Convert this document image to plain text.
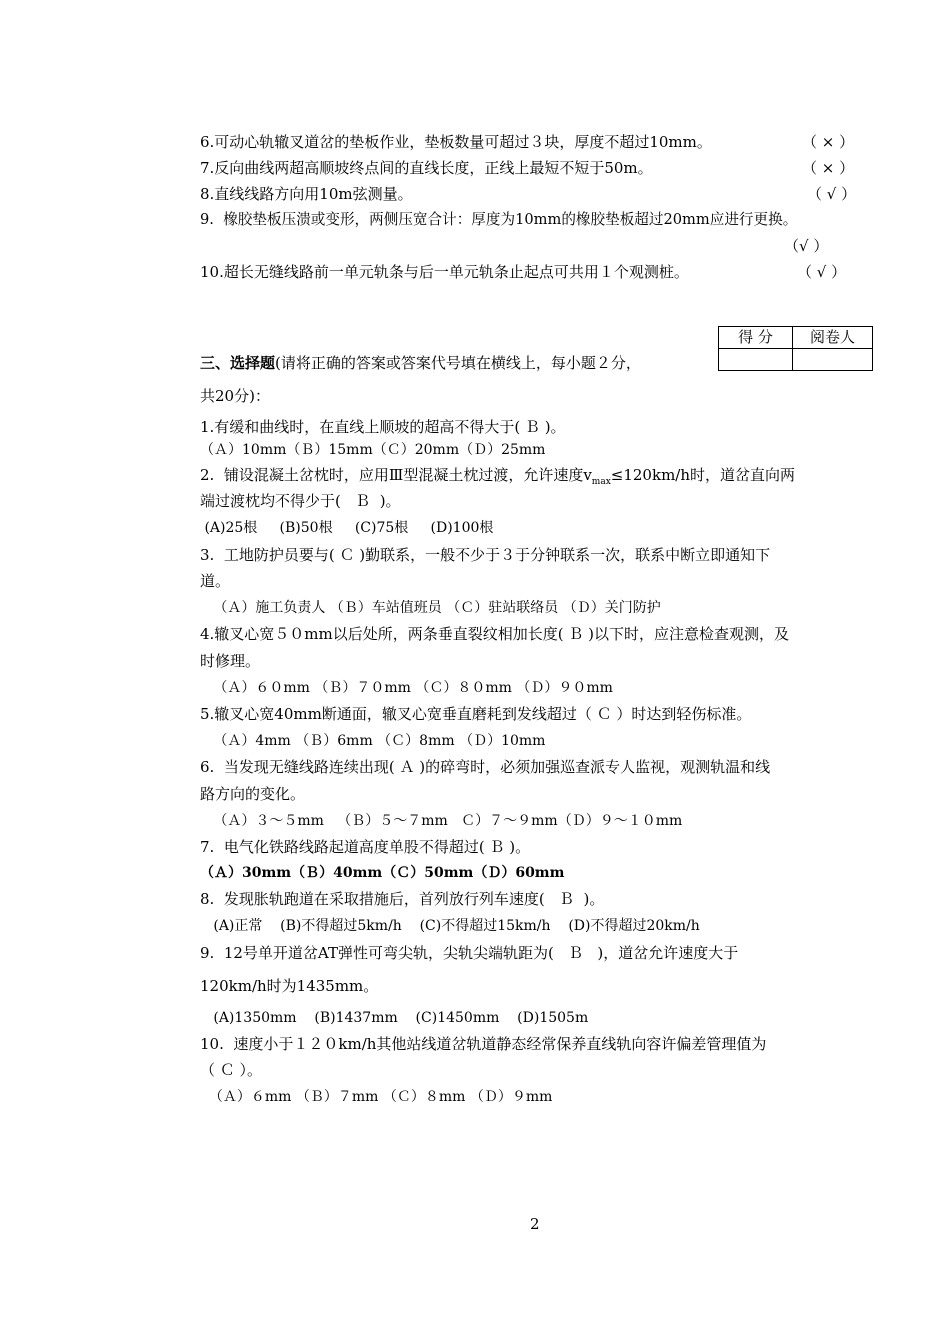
6.可动心轨辙叉道岔的垫板作业，垫板数量可超过３块，厚度不超过10mm。	（ × ）
7.反向曲线两超高顺坡终点间的直线长度，正线上最短不短于50m。	（ × ）
8.直线线路方向用10m弦测量。	（ √ ）
9.  橡胶垫板压溃或变形，两侧压宽合计：厚度为10mm的橡胶垫板超过20mm应进行更换。
（√ ）
10.超长无缝线路前一单元轨条与后一单元轨条止起点可共用１个观测桩。	（ √ ）
得 分	阅卷人

三、选择题(请将正确的答案或答案代号填在横线上，每小题２分，
共20分)：
1.有缓和曲线时，在直线上顺坡的超高不得大于( Ｂ )。
（Ａ）10mm（Ｂ）15mm（Ｃ）20mm（Ｄ）25mm
2.  铺设混凝土岔枕时，应用Ⅲ型混凝土枕过渡，允许速度$v_{max}\le 120km/h$时，道岔直向两
端过渡枕均不得少于(   Ｂ  )。
(A)25根     (B)50根     (C)75根     (D)100根
3.  工地防护员要与( Ｃ )勤联系，一般不少于３于分钟联系一次，联系中断立即通知下
道。
（Ａ）施工负责人 （Ｂ）车站值班员 （Ｃ）驻站联络员 （Ｄ）关门防护
4.辙叉心宽５０mm以后处所，两条垂直裂纹相加长度( Ｂ )以下时，应注意检查观测，及
时修理。
（Ａ）６０mm （Ｂ）７０mm （Ｃ）８０mm （Ｄ）９０mm
5.辙叉心宽40mm断通面，辙叉心宽垂直磨耗到发线超过（ Ｃ ）时达到轻伤标准。
（Ａ）4mm （Ｂ）6mm （Ｃ）8mm （Ｄ）10mm
6.  当发现无缝线路连续出现( Ａ )的碎弯时，必须加强巡查派专人监视，观测轨温和线
路方向的变化。
（Ａ）３～５mm   （Ｂ）５～７mm   Ｃ）７～９mm（Ｄ）９～１０mm
7.  电气化铁路线路起道高度单股不得超过( Ｂ )。
（Ａ）30mm（Ｂ）40mm（Ｃ）50mm（Ｄ）60mm
8.  发现胀轨跑道在采取措施后，首列放行列车速度(   Ｂ  )。
(A)正常    (B)不得超过5km/h    (C)不得超过15km/h    (D)不得超过20km/h
9.  12号单开道岔AT弹性可弯尖轨，尖轨尖端轨距为(   Ｂ   )，道岔允许速度大于
120km/h时为1435mm。
(A)1350mm    (B)1437mm    (C)1450mm    (D)1505m
10.  速度小于１２０km/h其他站线道岔轨道静态经常保养直线轨向容许偏差管理值为
（ Ｃ ）。
（Ａ）６mm （Ｂ）７mm （Ｃ）８mm （Ｄ）９mm
2
